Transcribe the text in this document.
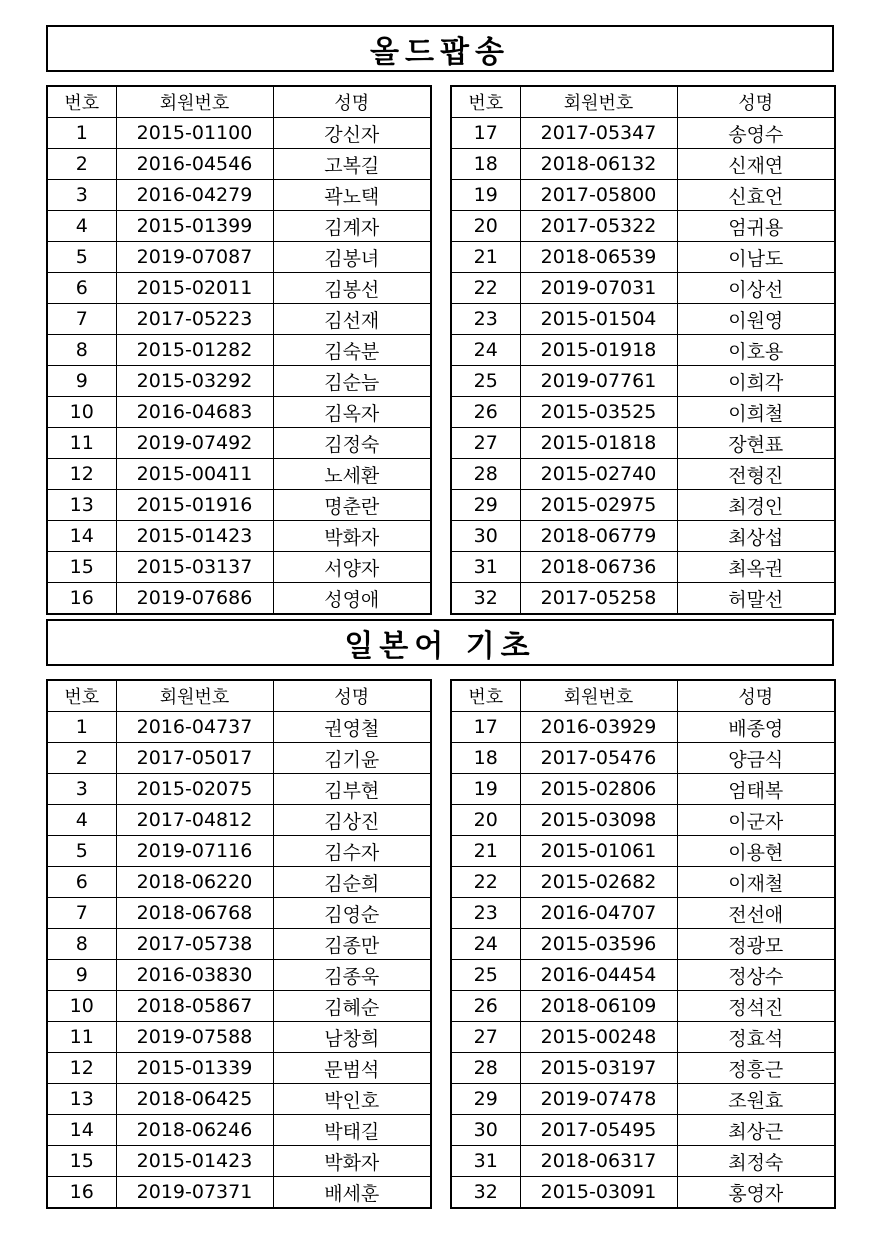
올드팝송
번호	회원번호	성명
1	2015-01100	강신자
2	2016-04546	고복길
3	2016-04279	곽노택
4	2015-01399	김계자
5	2019-07087	김봉녀
6	2015-02011	김봉선
7	2017-05223	김선재
8	2015-01282	김숙분
9	2015-03292	김순늠
10	2016-04683	김옥자
11	2019-07492	김정숙
12	2015-00411	노세환
13	2015-01916	명춘란
14	2015-01423	박화자
15	2015-03137	서양자
16	2019-07686	성영애
번호	회원번호	성명
17	2017-05347	송영수
18	2018-06132	신재연
19	2017-05800	신효언
20	2017-05322	엄귀용
21	2018-06539	이남도
22	2019-07031	이상선
23	2015-01504	이원영
24	2015-01918	이호용
25	2019-07761	이희각
26	2015-03525	이희철
27	2015-01818	장현표
28	2015-02740	전형진
29	2015-02975	최경인
30	2018-06779	최상섭
31	2018-06736	최옥권
32	2017-05258	허말선
일본어 기초
번호	회원번호	성명
1	2016-04737	권영철
2	2017-05017	김기윤
3	2015-02075	김부현
4	2017-04812	김상진
5	2019-07116	김수자
6	2018-06220	김순희
7	2018-06768	김영순
8	2017-05738	김종만
9	2016-03830	김종욱
10	2018-05867	김혜순
11	2019-07588	남창희
12	2015-01339	문범석
13	2018-06425	박인호
14	2018-06246	박태길
15	2015-01423	박화자
16	2019-07371	배세훈
번호	회원번호	성명
17	2016-03929	배종영
18	2017-05476	양금식
19	2015-02806	엄태복
20	2015-03098	이군자
21	2015-01061	이용현
22	2015-02682	이재철
23	2016-04707	전선애
24	2015-03596	정광모
25	2016-04454	정상수
26	2018-06109	정석진
27	2015-00248	정효석
28	2015-03197	정흥근
29	2019-07478	조원효
30	2017-05495	최상근
31	2018-06317	최정숙
32	2015-03091	홍영자
